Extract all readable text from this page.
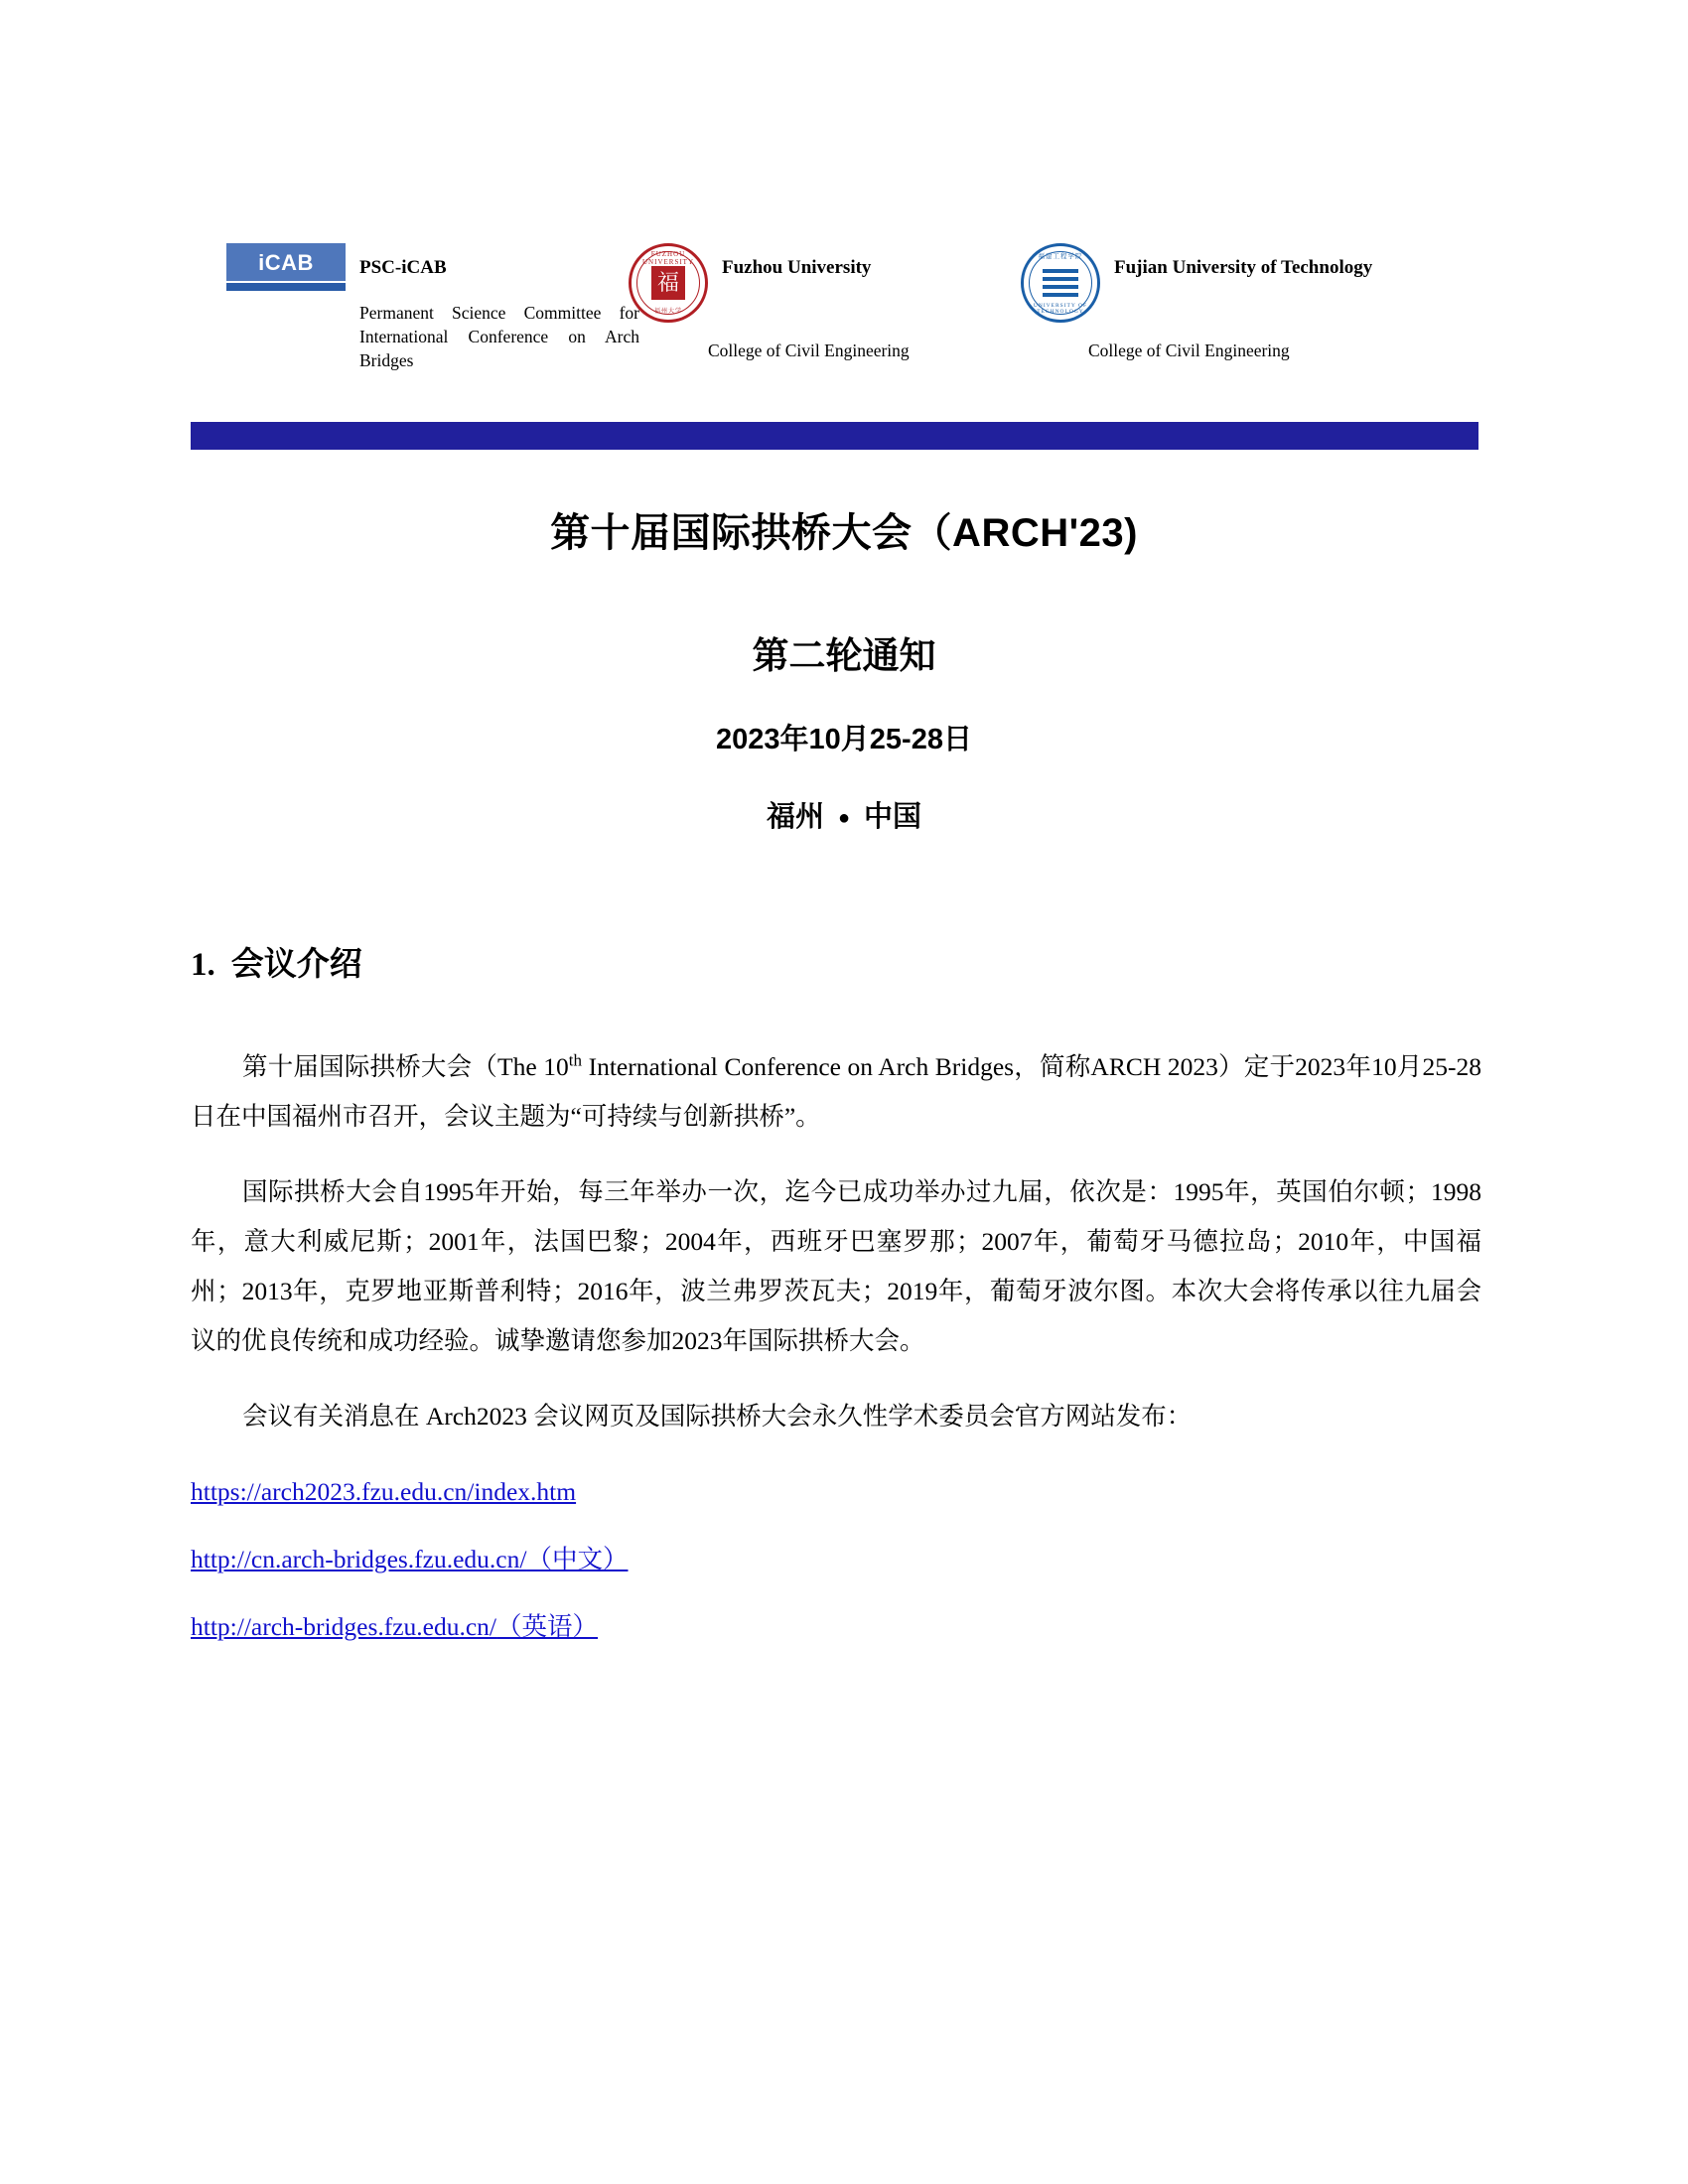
iCAB	PSC-iCAB
Permanent Science Committee for International Conference on Arch Bridges
FUZHOU UNIVERSITY
福
福州大学
Fuzhou University
College of Civil Engineering
福建工程学院
UNIVERSITY OF TECHNOLOGY
Fujian University of Technology
College of Civil Engineering
第十届国际拱桥大会（ARCH'23)
第二轮通知
2023年10月25-28日
福州 ● 中国
1. 会议介绍

第十届国际拱桥大会（The 10th International Conference on Arch Bridges，简称ARCH 2023）定于2023年10月25-28日在中国福州市召开，会议主题为“可持续与创新拱桥”。

国际拱桥大会自1995年开始，每三年举办一次，迄今已成功举办过九届，依次是：1995年，英国伯尔顿；1998年，意大利威尼斯；2001年，法国巴黎；2004年，西班牙巴塞罗那；2007年，葡萄牙马德拉岛；2010年，中国福州；2013年，克罗地亚斯普利特；2016年，波兰弗罗茨瓦夫；2019年，葡萄牙波尔图。本次大会将传承以往九届会议的优良传统和成功经验。诚挚邀请您参加2023年国际拱桥大会。

会议有关消息在 Arch2023 会议网页及国际拱桥大会永久性学术委员会官方网站发布：

https://arch2023.fzu.edu.cn/index.htm

http://cn.arch-bridges.fzu.edu.cn/（中文）

http://arch-bridges.fzu.edu.cn/（英语）
